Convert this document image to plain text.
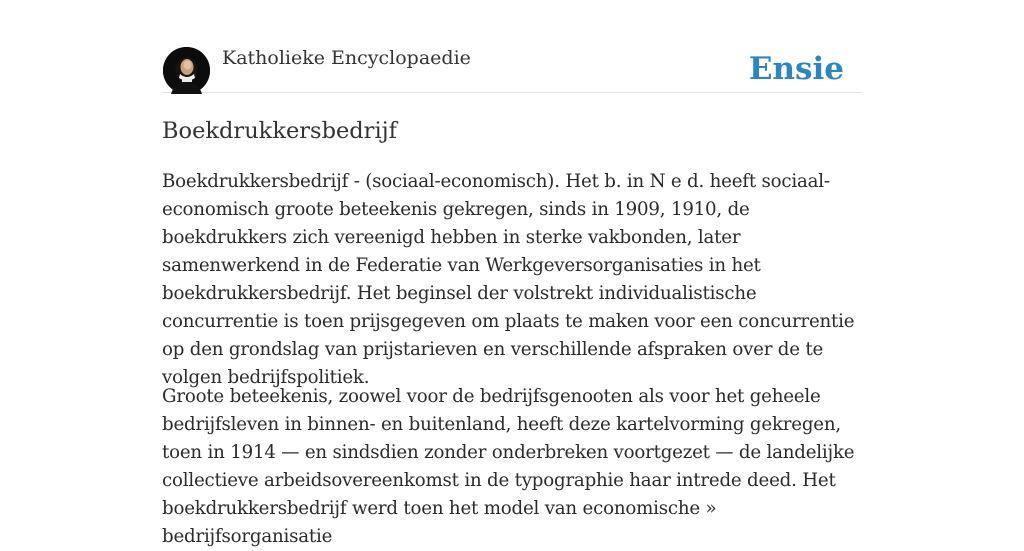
Katholieke Encyclopaedie	Ensie
Boekdrukkersbedrijf

Boekdrukkersbedrijf - (sociaal-economisch). Het b. in N e d. heeft sociaal-economisch groote beteekenis gekregen, sinds in 1909, 1910, de boekdrukkers zich vereenigd hebben in sterke vakbonden, later samenwerkend in de Federatie van Werkgeversorganisaties in het boekdrukkersbedrijf. Het beginsel der volstrekt individualistische concurrentie is toen prijsgegeven om plaats te maken voor een concurrentie op den grondslag van prijstarieven en verschillende afspraken over de te volgen bedrijfspolitiek.

Groote beteekenis, zoowel voor de bedrijfsgenooten als voor het geheele bedrijfsleven in binnen- en buitenland, heeft deze kartelvorming gekregen, toen in 1914 — en sindsdien zonder onderbreken voortgezet — de landelijke collectieve arbeidsovereenkomst in de typographie haar intrede deed. Het boekdrukkersbedrijf werd toen het model van economische » bedrijfsorganisatie
